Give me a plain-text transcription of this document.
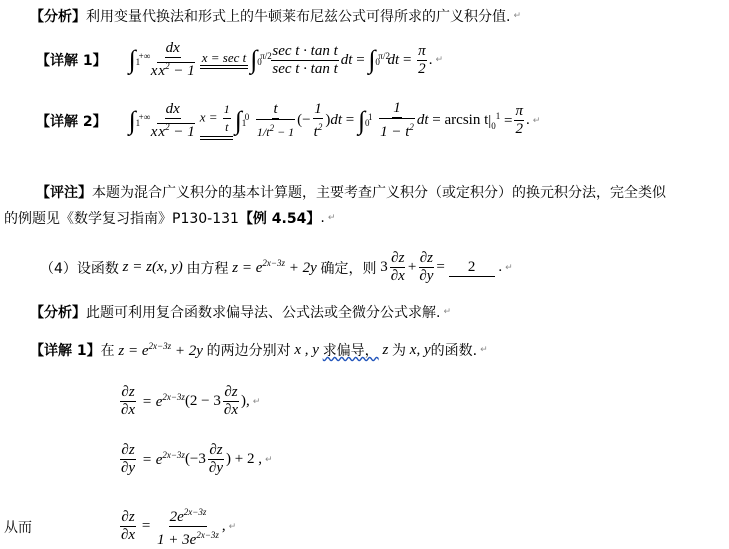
【分析】 利用变量代换法和形式上的牛顿莱布尼兹公式可得所求的广义积分值. ↵
【详解 1】 ∫ +∞
$1 \frac{dx}{xx^2 - 1}$ x = sec t ∫ π/2
$0 \frac{\text{sec t · tan t}}{\text{sec t · tan t}}$ dt = ∫ π/2
0 dt = $\frac{\pi}{2}$ . ↵
【详解 2】 ∫ +∞
$1 \frac{dx}{xx^2 - 1}$ $x = \frac{1}{t}$ ∫ 0
$1 \frac{t}{1/t^2 - 1}$ (− $\frac{1}{t^2}$ ) dt = ∫ 1
$0 \frac{1}{1 - t^2}$ dt = arcsin t $|_0^1 = \frac{\pi}{2}$ . ↵
【评注】 本题为混合广义积分的基本计算题，主要考查广义积分（或定积分）的换元积分法，完全类似
的例题见《数学复习指南》P130-131 【例 4.54】 . ↵
（4）设函数 z = z(x, y) 由方程 $z = e^{2x-3z} + 2y$ 确定，则 $3 \frac{\partial z}{\partial x} + \frac{\partial z}{\partial y}$ =	2	. ↵
【分析】 此题可利用复合函数求偏导法、公式法或全微分公式求解. ↵
【详解 1】 在 $z = e^{2x-3z} + 2y$ 的两边分别对 x , y 求偏导， z 为 x, y 的函数. ↵
$\frac{\partial z}{\partial x} = e^{2x-3z}$ ($2 - 3 \frac{\partial z}{\partial x}$ ), ↵
$\frac{\partial z}{\partial y} = e^{2x-3z}$ ($-3 \frac{\partial z}{\partial y}$ ) + 2 , ↵
从而	$\frac{\partial z}{\partial x} = \frac{2e^{2x-3z}}{1 + 3e^{2x-3z}}$ , ↵
